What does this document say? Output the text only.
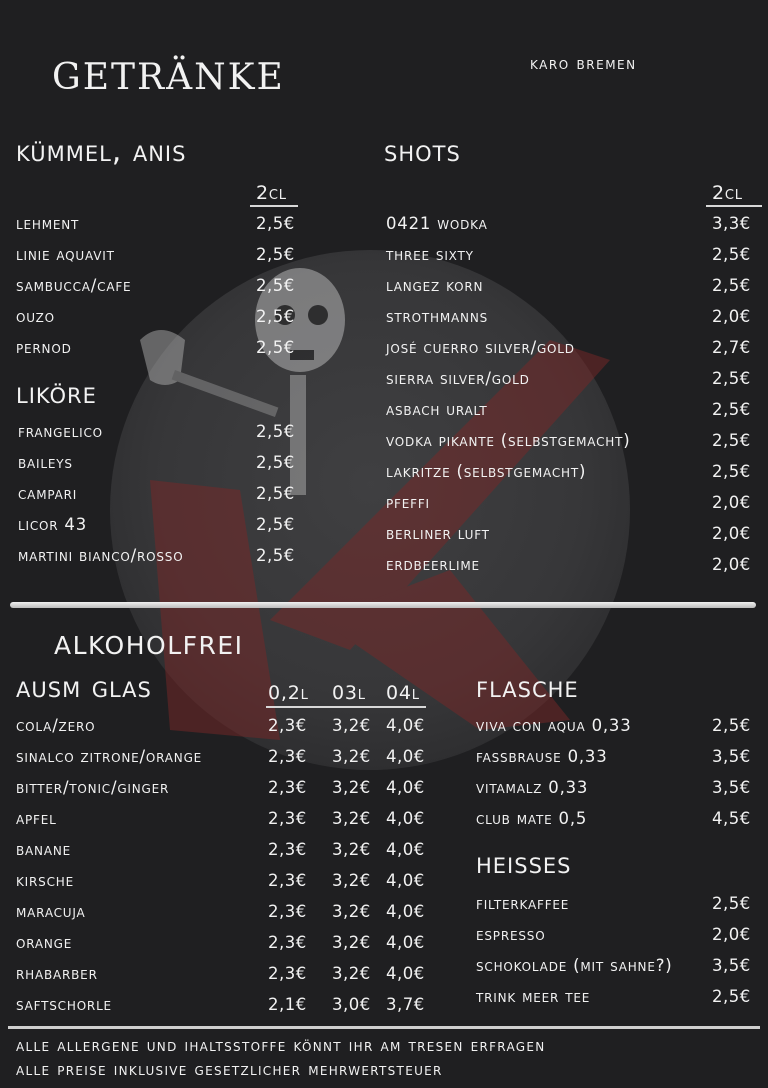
getränke	karo bremen
kümmel, anis
2cl
lehment	2,5€
linie aquavit	2,5€
sambucca/cafe	2,5€
ouzo	2,5€
pernod	2,5€
liköre
frangelico	2,5€
baileys	2,5€
campari	2,5€
licor 43	2,5€
martini bianco/rosso	2,5€
shots
2cl
0421 wodka	3,3€
three sixty	2,5€
langez korn	2,5€
strothmanns	2,0€
josé cuerro silver/gold	2,7€
sierra silver/gold	2,5€
asbach uralt	2,5€
vodka pikante (selbstgemacht)	2,5€
lakritze (selbstgemacht)	2,5€
pfeffi	2,0€
berliner luft	2,0€
erdbeerlime	2,0€
alkoholfrei
ausm glas	0,2l 03l 04l
cola/zero	2,3€ 3,2€ 4,0€
sinalco zitrone/orange	2,3€ 3,2€ 4,0€
bitter/tonic/ginger	2,3€ 3,2€ 4,0€
apfel	2,3€ 3,2€ 4,0€
banane	2,3€ 3,2€ 4,0€
kirsche	2,3€ 3,2€ 4,0€
maracuja	2,3€ 3,2€ 4,0€
orange	2,3€ 3,2€ 4,0€
rhabarber	2,3€ 3,2€ 4,0€
saftschorle	2,1€ 3,0€ 3,7€
flasche
viva con aqua 0,33	2,5€
fassbrause 0,33	3,5€
vitamalz 0,33	3,5€
club mate 0,5	4,5€
heisses
filterkaffee	2,5€
espresso	2,0€
schokolade (mit sahne?) 3,5€
trink meer tee	2,5€
alle allergene und ihaltsstoffe könnt ihr am tresen erfragen
alle preise inklusive gesetzlicher mehrwertsteuer
